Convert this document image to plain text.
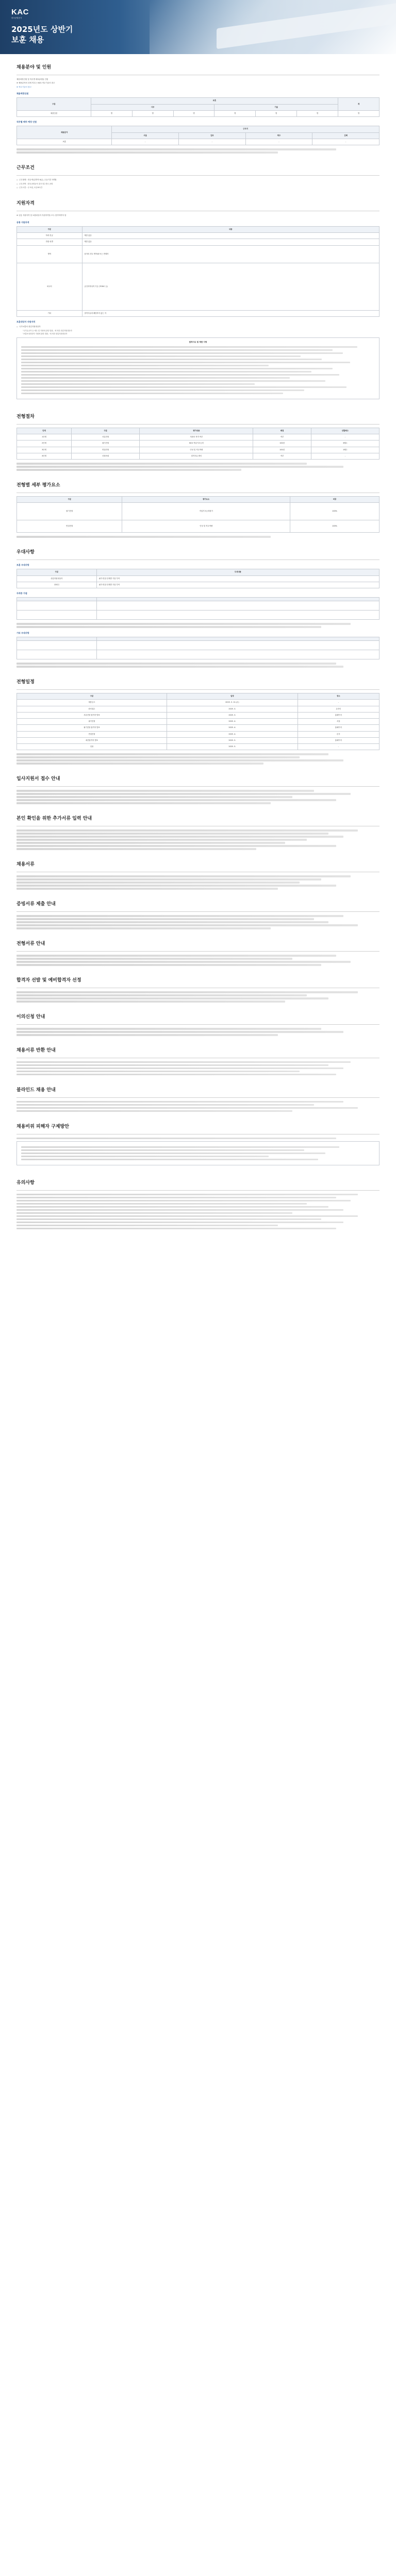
KAC
한국공항공사
2025년도 상반기
보훈 채용
채용분야 및 인원
채용예정인원 및 직무별 배치(예정) 인원
※ 채용분야의 상세 직무는 NCS 직무기술서 참고
※ 직무기술서 참고
채용예정인원
구분	보훈						계
	사무			기술			
채용인원	명	명	명	명	명	명	명
직무별 배치 예정 인원
채용분야	근무지			
	서울	김포	제주	김해
보훈	-	-	-	-
근무조건
○ 근무형태 : 정규직(일반직 6급), 수습기간 3개월
○ 근무지역 : 한국공항공사 본사 및 전국 공항
○ 근무시간 : 주 5일, 1일 8시간
지원자격
※ 공통 지원자격 및 보훈대상자 지원자격을 모두 충족하여야 함
공통 지원자격
구분	내용
학력·전공	제한 없음
연령·성별	제한 없음
병역	남자의 경우 병역필 또는 면제자
외국어	공인어학성적 기준 (TOEIC 등)
기타	결격사유에 해당하지 않는 자
보훈대상자 지원자격
○ 국가보훈처 취업지원대상자
「국가유공자 등 예우 및 지원에 관한 법률」에 의한 취업지원대상자
「보훈보상대상자 지원에 관한 법률」에 의한 취업지원대상자
결격사유 및 제한 사항
전형절차
단계	구분	평가내용	배점	선발배수
1단계	서류전형	지원서 적격 여부	적부	-
2단계	필기전형	NCS 직업기초능력	100점	3배수
3단계	면접전형	인성 및 직무역량	100점	1배수
4단계	신원조회	결격사유 확인	적부	-
전형별 세부 평가요소
구분	평가요소	비중
필기전형	직업기초능력평가	100%
면접전형	인성 및 직무역량	100%
우대사항
보훈 우대사항
구분	우대내용
취업지원대상자	필기·면접 단계별 가점 부여
장애인	필기·면접 단계별 가점 부여
자격증 가점

기타 우대사항

전형일정
구분	일정	장소
채용공고	2025. 3. 12.(수)	-
원서접수	2025. 3.	온라인
서류전형 합격자 발표	2025. 3.	홈페이지
필기전형	2025. 4.	서울
필기전형 합격자 발표	2025. 4.	홈페이지
면접전형	2025. 4.	본사
최종합격자 발표	2025. 5.	홈페이지
임용	2025. 5.	-
입사지원서 접수 안내
본인 확인을 위한 추가서류 입력 안내
채용서류
증빙서류 제출 안내
전형서류 안내
합격자 선발 및 예비합격자 선정
이의신청 안내
채용서류 반환 안내
블라인드 채용 안내
채용비위 피해자 구제방안
유의사항
